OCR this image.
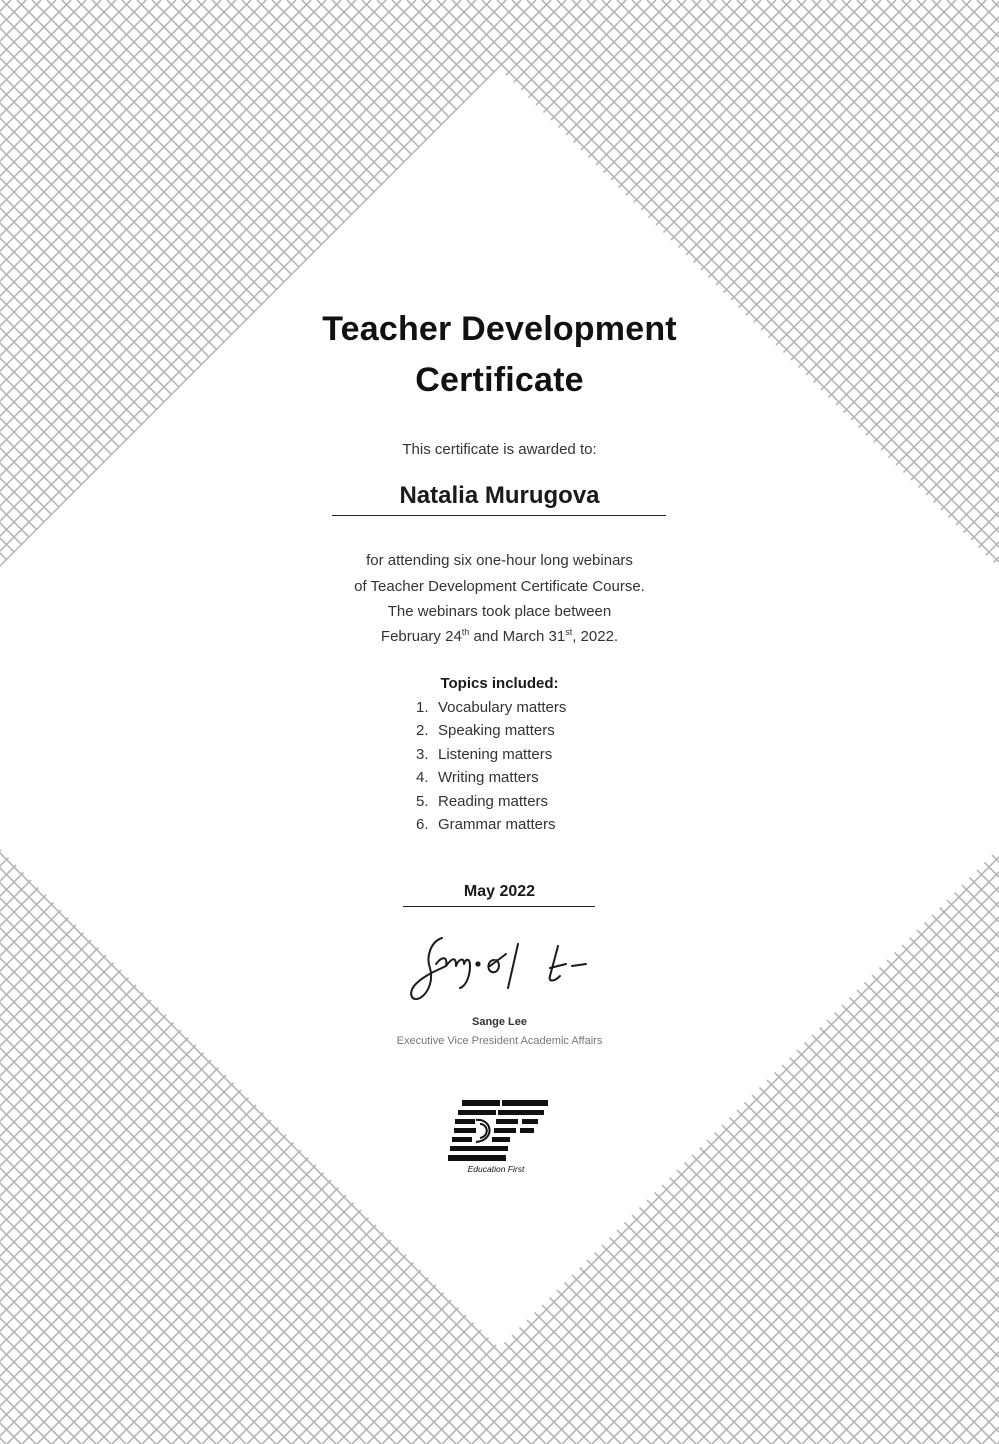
Teacher Development
Certificate
This certificate is awarded to:
Natalia Murugova
for attending six one-hour long webinars
of Teacher Development Certificate Course.
The webinars took place between
February 24th and March 31st, 2022.
Topics included:
1. Vocabulary matters
2. Speaking matters
3. Listening matters
4. Writing matters
5. Reading matters
6. Grammar matters
May 2022
Sange Lee
Executive Vice President Academic Affairs
Education First
